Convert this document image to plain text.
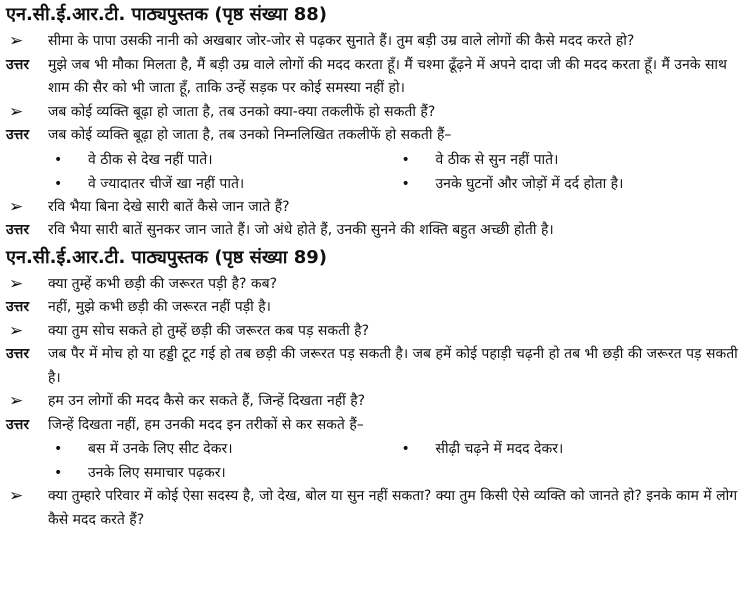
एन.सी.ई.आर.टी. पाठ्यपुस्तक (पृष्ठ संख्या 88)
➢	सीमा के पापा उसकी नानी को अखबार जोर-जोर से पढ़कर सुनाते हैं। तुम बड़ी उम्र वाले लोगों की कैसे मदद करते हो?
उत्तर	मुझे जब भी मौका मिलता है, मैं बड़ी उम्र वाले लोगों की मदद करता हूँ। मैं चश्मा ढूँढ़ने में अपने दादा जी की मदद करता हूँ। मैं उनके साथ शाम की सैर को भी जाता हूँ, ताकि उन्हें सड़क पर कोई समस्या नहीं हो।
➢	जब कोई व्यक्ति बूढ़ा हो जाता है, तब उनको क्या-क्या तकलीफें हो सकती हैं?
उत्तर	जब कोई व्यक्ति बूढ़ा हो जाता है, तब उनको निम्नलिखित तकलीफें हो सकती हैं–
• वे ठीक से देख नहीं पाते।	• वे ठीक से सुन नहीं पाते।
• वे ज्यादातर चीजें खा नहीं पाते।	• उनके घुटनों और जोड़ों में दर्द होता है।
➢	रवि भैया बिना देखे सारी बातें कैसे जान जाते हैं?
उत्तर	रवि भैया सारी बातें सुनकर जान जाते हैं। जो अंधे होते हैं, उनकी सुनने की शक्ति बहुत अच्छी होती है।
एन.सी.ई.आर.टी. पाठ्यपुस्तक (पृष्ठ संख्या 89)
➢	क्या तुम्हें कभी छड़ी की जरूरत पड़ी है? कब?
उत्तर	नहीं, मुझे कभी छड़ी की जरूरत नहीं पड़ी है।
➢	क्या तुम सोच सकते हो तुम्हें छड़ी की जरूरत कब पड़ सकती है?
उत्तर	जब पैर में मोच हो या हड्डी टूट गई हो तब छड़ी की जरूरत पड़ सकती है। जब हमें कोई पहाड़ी चढ़नी हो तब भी छड़ी की जरूरत पड़ सकती है।
➢	हम उन लोगों की मदद कैसे कर सकते हैं, जिन्हें दिखता नहीं है?
उत्तर	जिन्हें दिखता नहीं, हम उनकी मदद इन तरीकों से कर सकते हैं–
• बस में उनके लिए सीट देकर।	• सीढ़ी चढ़ने में मदद देकर।
• उनके लिए समाचार पढ़कर।
➢	क्या तुम्हारे परिवार में कोई ऐसा सदस्य है, जो देख, बोल या सुन नहीं सकता? क्या तुम किसी ऐसे व्यक्ति को जानते हो? इनके काम में लोग कैसे मदद करते हैं?
